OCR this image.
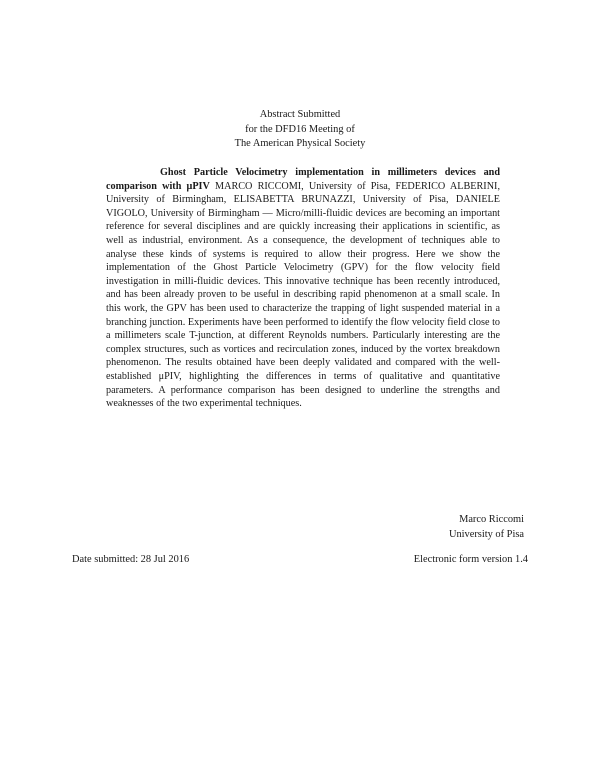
Abstract Submitted
for the DFD16 Meeting of
The American Physical Society
Ghost Particle Velocimetry implementation in millimeters devices and comparison with μPIV MARCO RICCOMI, University of Pisa, FEDERICO ALBERINI, University of Birmingham, ELISABETTA BRUNAZZI, University of Pisa, DANIELE VIGOLO, University of Birmingham — Micro/milli-fluidic devices are becoming an important reference for several disciplines and are quickly increasing their applications in scientific, as well as industrial, environment. As a consequence, the development of techniques able to analyse these kinds of systems is required to allow their progress. Here we show the implementation of the Ghost Particle Velocimetry (GPV) for the flow velocity field investigation in milli-fluidic devices. This innovative technique has been recently introduced, and has been already proven to be useful in describing rapid phenomenon at a small scale. In this work, the GPV has been used to characterize the trapping of light suspended material in a branching junction. Experiments have been performed to identify the flow velocity field close to a millimeters scale T-junction, at different Reynolds numbers. Particularly interesting are the complex structures, such as vortices and recirculation zones, induced by the vortex breakdown phenomenon. The results obtained have been deeply validated and compared with the well-established μPIV, highlighting the differences in terms of qualitative and quantitative parameters. A performance comparison has been designed to underline the strengths and weaknesses of the two experimental techniques.
Marco Riccomi
University of Pisa
Date submitted: 28 Jul 2016	Electronic form version 1.4
